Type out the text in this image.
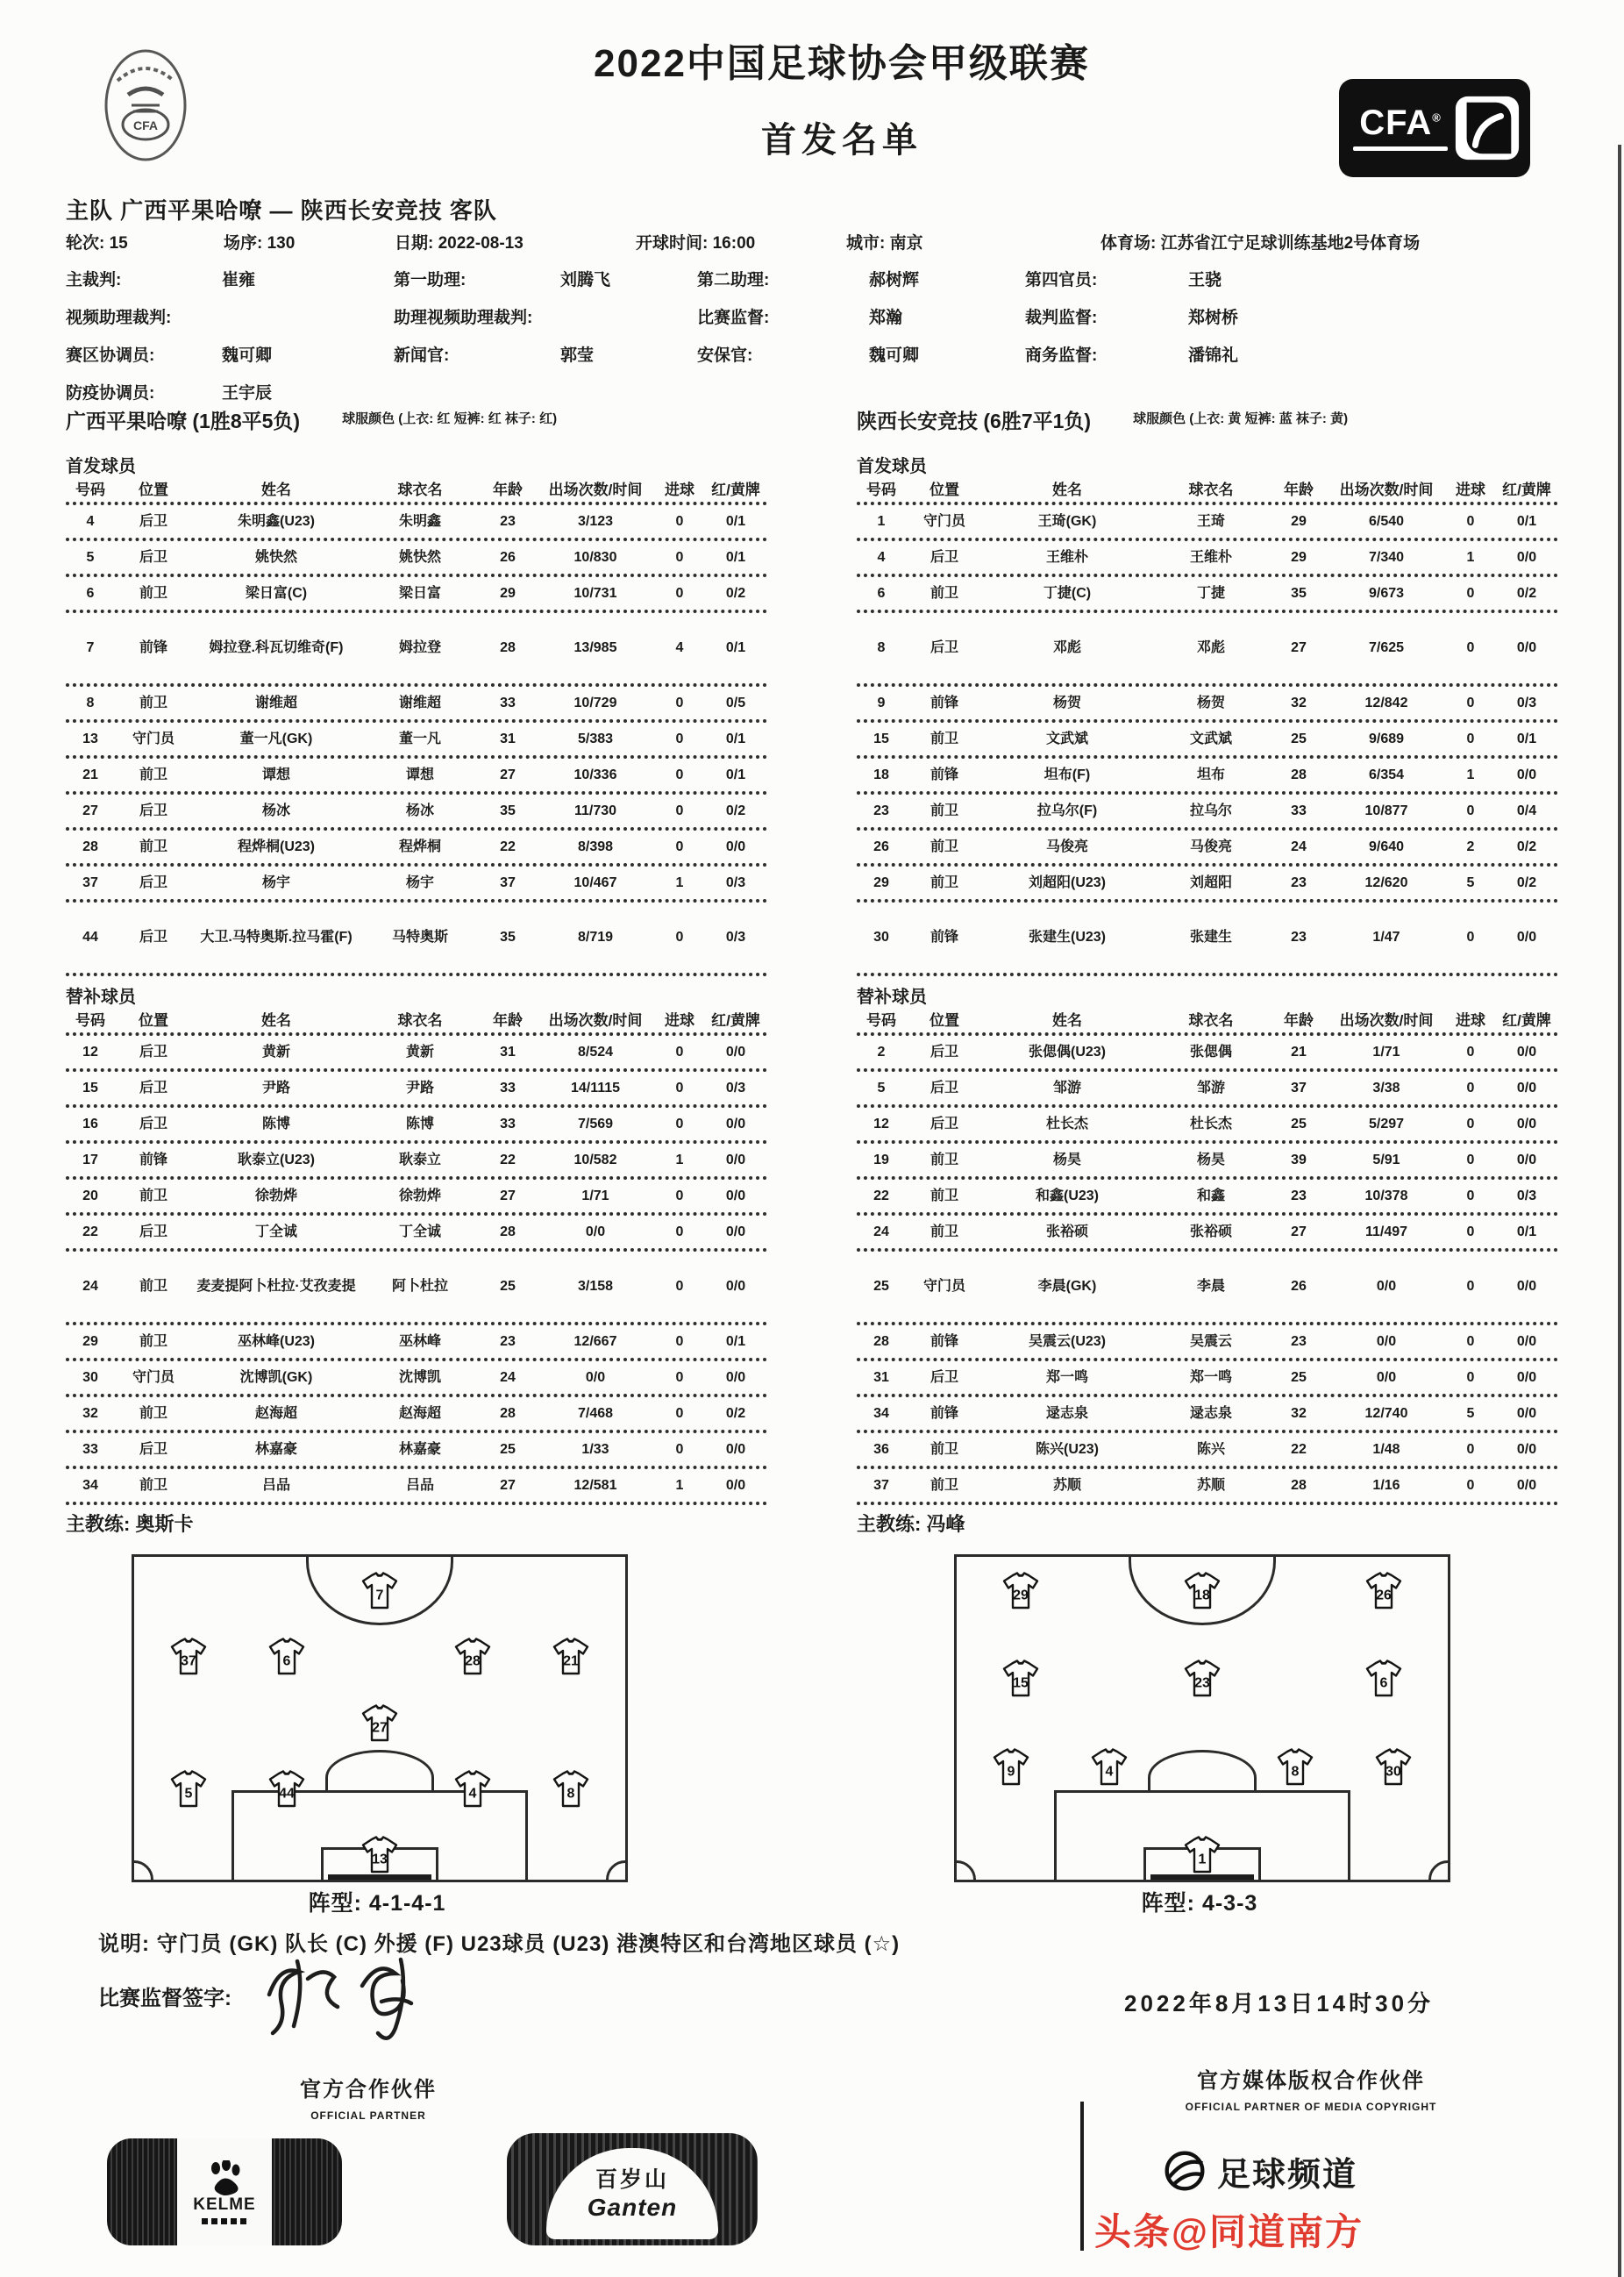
CFA
2022中国足球协会甲级联赛
首发名单	CFA®
主队 广西平果哈嘹 — 陕西长安竞技 客队
轮次: 15	场序: 130	日期: 2022-08-13	开球时间: 16:00	城市: 南京	体育场: 江苏省江宁足球训练基地2号体育场
主裁判:	崔雍	第一助理:	刘腾飞	第二助理:	郝树辉	第四官员:	王骁
视频助理裁判:	助理视频助理裁判:	比赛监督:	郑瀚	裁判监督:	郑树桥
赛区协调员:	魏可卿	新闻官:	郭莹	安保官:	魏可卿	商务监督:	潘锦礼
防疫协调员:	王宇辰
广西平果哈嘹 (1胜8平5负)	球服颜色 (上衣: 红 短裤: 红 袜子: 红)	陕西长安竞技 (6胜7平1负)	球服颜色 (上衣: 黄 短裤: 蓝 袜子: 黄)
首发球员	首发球员
号码	位置	姓名	球衣名	年龄	出场次数/时间	进球	红/黄牌	号码	位置	姓名	球衣名	年龄	出场次数/时间	进球	红/黄牌
4	后卫	朱明鑫(U23)	朱明鑫	23	3/123	0	0/1	1	守门员	王琦(GK)	王琦	29	6/540	0	0/1
5	后卫	姚快然	姚快然	26	10/830	0	0/1	4	后卫	王维朴	王维朴	29	7/340	1	0/0
6	前卫	梁日富(C)	梁日富	29	10/731	0	0/2	6	前卫	丁捷(C)	丁捷	35	9/673	0	0/2
7	前锋	姆拉登.科瓦切维奇(F)	姆拉登	28	13/985	4	0/1	8	后卫	邓彪	邓彪	27	7/625	0	0/0
8	前卫	谢维超	谢维超	33	10/729	0	0/5	9	前锋	杨贺	杨贺	32	12/842	0	0/3
13	守门员	董一凡(GK)	董一凡	31	5/383	0	0/1	15	前卫	文武斌	文武斌	25	9/689	0	0/1
21	前卫	谭想	谭想	27	10/336	0	0/1	18	前锋	坦布(F)	坦布	28	6/354	1	0/0
27	后卫	杨冰	杨冰	35	11/730	0	0/2	23	前卫	拉乌尔(F)	拉乌尔	33	10/877	0	0/4
28	前卫	程烨桐(U23)	程烨桐	22	8/398	0	0/0	26	前卫	马俊亮	马俊亮	24	9/640	2	0/2
37	后卫	杨宇	杨宇	37	10/467	1	0/3	29	前卫	刘超阳(U23)	刘超阳	23	12/620	5	0/2
44	后卫	大卫.马特奥斯.拉马霍(F)	马特奥斯	35	8/719	0	0/3	30	前锋	张建生(U23)	张建生	23	1/47	0	0/0
替补球员	替补球员
号码	位置	姓名	球衣名	年龄	出场次数/时间	进球	红/黄牌	号码	位置	姓名	球衣名	年龄	出场次数/时间	进球	红/黄牌
12	后卫	黄新	黄新	31	8/524	0	0/0	2	后卫	张偲偶(U23)	张偲偶	21	1/71	0	0/0
15	后卫	尹路	尹路	33	14/1115	0	0/3	5	后卫	邹游	邹游	37	3/38	0	0/0
16	后卫	陈博	陈博	33	7/569	0	0/0	12	后卫	杜长杰	杜长杰	25	5/297	0	0/0
17	前锋	耿泰立(U23)	耿泰立	22	10/582	1	0/0	19	前卫	杨昊	杨昊	39	5/91	0	0/0
20	前卫	徐勃烨	徐勃烨	27	1/71	0	0/0	22	前卫	和鑫(U23)	和鑫	23	10/378	0	0/3
22	后卫	丁全诚	丁全诚	28	0/0	0	0/0	24	前卫	张裕硕	张裕硕	27	11/497	0	0/1
24	前卫	麦麦提阿卜杜拉·艾孜麦提	阿卜杜拉	25	3/158	0	0/0	25	守门员	李晨(GK)	李晨	26	0/0	0	0/0
29	前卫	巫林峰(U23)	巫林峰	23	12/667	0	0/1	28	前锋	吴震云(U23)	吴震云	23	0/0	0	0/0
30	守门员	沈博凯(GK)	沈博凯	24	0/0	0	0/0	31	后卫	郑一鸣	郑一鸣	25	0/0	0	0/0
32	前卫	赵海超	赵海超	28	7/468	0	0/2	34	前锋	逯志泉	逯志泉	32	12/740	5	0/0
33	后卫	林嘉豪	林嘉豪	25	1/33	0	0/0	36	前卫	陈兴(U23)	陈兴	22	1/48	0	0/0
34	前卫	吕品	吕品	27	12/581	1	0/0	37	前卫	苏顺	苏顺	28	1/16	0	0/0
主教练: 奥斯卡	主教练: 冯峰
7
37	6	28	21
27
5	44	4	8
13
29	18	26
15	23	6
9	4	8	30
1
阵型: 4-1-4-1	阵型: 4-3-3
说明: 守门员 (GK) 队长 (C) 外援 (F) U23球员 (U23) 港澳特区和台湾地区球员 (☆)
比赛监督签字:	2022年8月13日14时30分
官方合作伙伴
OFFICIAL PARTNER
官方媒体版权合作伙伴
OFFICIAL PARTNER OF MEDIA COPYRIGHT
KELME
百岁山
Ganten
足球频道
头条@同道南方
